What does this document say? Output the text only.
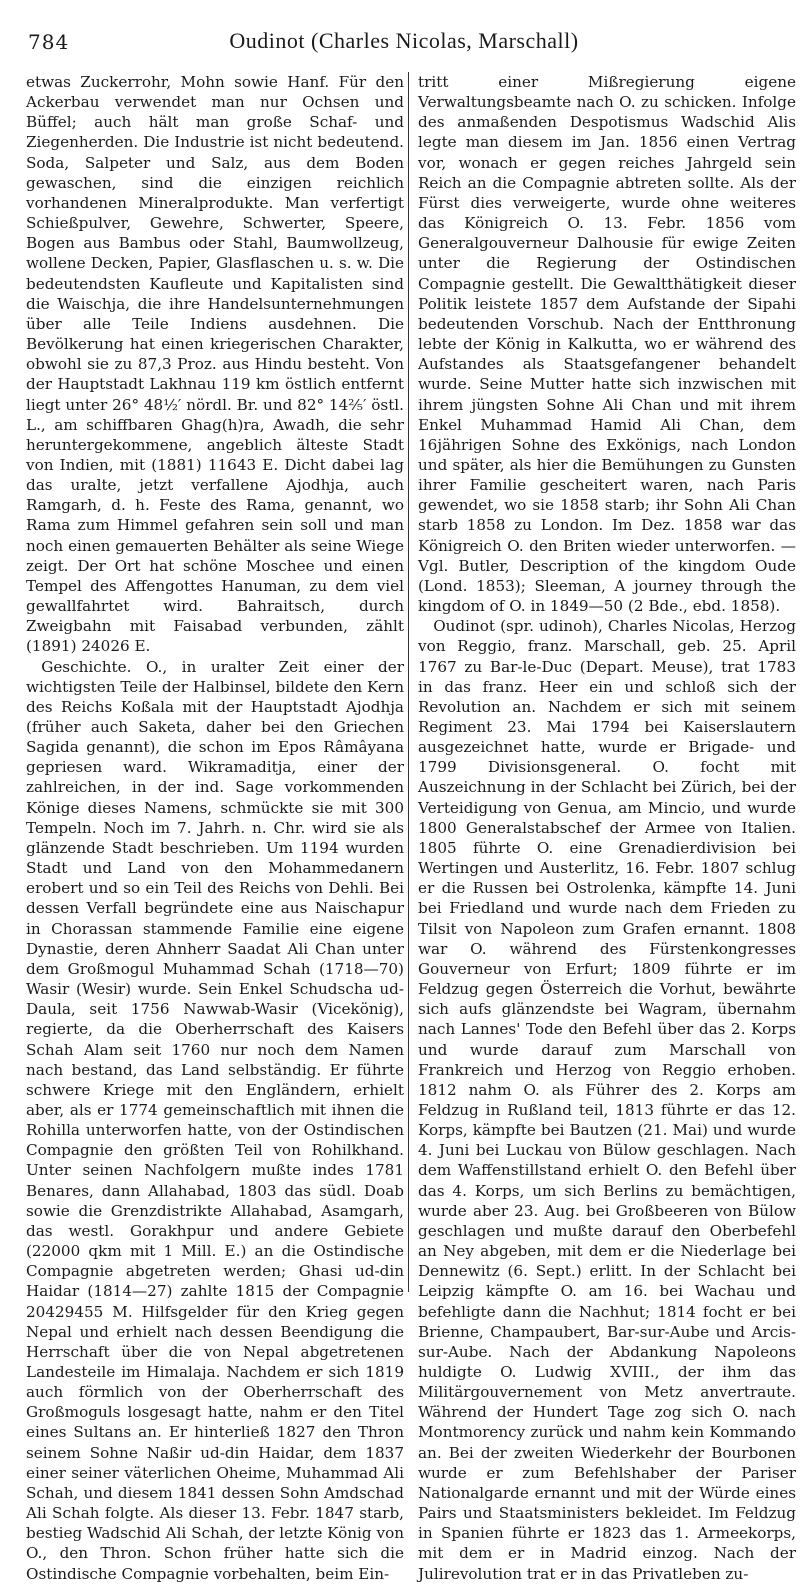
784	Oudinot (Charles Nicolas, Marschall)

etwas Zuckerrohr, Mohn sowie Hanf. Für den Ackerbau verwendet man nur Ochsen und Büffel; auch hält man große Schaf- und Ziegenherden. Die Industrie ist nicht bedeutend. Soda, Salpeter und Salz, aus dem Boden gewaschen, sind die einzigen reichlich vorhandenen Mineralprodukte. Man verfertigt Schießpulver, Gewehre, Schwerter, Speere, Bogen aus Bambus oder Stahl, Baumwollzeug, wollene Decken, Papier, Glasflaschen u. s. w. Die bedeutendsten Kaufleute und Kapitalisten sind die Waischja, die ihre Handelsunternehmungen über alle Teile Indiens ausdehnen. Die Bevölkerung hat einen kriegerischen Charakter, obwohl sie zu 87,3 Proz. aus Hindu besteht. Von der Hauptstadt Lakhnau 119 km östlich entfernt liegt unter 26° 48½′ nördl. Br. und 82° 14⅖′ östl. L., am schiffbaren Ghag(h)ra, Awadh, die sehr heruntergekommene, angeblich älteste Stadt von Indien, mit (1881) 11643 E. Dicht dabei lag das uralte, jetzt verfallene Ajodhja, auch Ramgarh, d. h. Feste des Rama, genannt, wo Rama zum Himmel gefahren sein soll und man noch einen gemauerten Behälter als seine Wiege zeigt. Der Ort hat schöne Moschee und einen Tempel des Affengottes Hanuman, zu dem viel gewallfahrtet wird. Bahraitsch, durch Zweigbahn mit Faisabad verbunden, zählt (1891) 24026 E.

Geschichte. O., in uralter Zeit einer der wichtigsten Teile der Halbinsel, bildete den Kern des Reichs Koßala mit der Hauptstadt Ajodhja (früher auch Saketa, daher bei den Griechen Sagida genannt), die schon im Epos Râmâyana gepriesen ward. Wikramaditja, einer der zahlreichen, in der ind. Sage vorkommenden Könige dieses Namens, schmückte sie mit 300 Tempeln. Noch im 7. Jahrh. n. Chr. wird sie als glänzende Stadt beschrieben. Um 1194 wurden Stadt und Land von den Mohammedanern erobert und so ein Teil des Reichs von Dehli. Bei dessen Verfall begründete eine aus Naischapur in Chorassan stammende Familie eine eigene Dynastie, deren Ahnherr Saadat Ali Chan unter dem Großmogul Muhammad Schah (1718—70) Wasir (Wesir) wurde. Sein Enkel Schudscha ud-Daula, seit 1756 Nawwab-Wasir (Vicekönig), regierte, da die Oberherrschaft des Kaisers Schah Alam seit 1760 nur noch dem Namen nach bestand, das Land selbständig. Er führte schwere Kriege mit den Engländern, erhielt aber, als er 1774 gemeinschaftlich mit ihnen die Rohilla unterworfen hatte, von der Ostindischen Compagnie den größten Teil von Rohilkhand. Unter seinen Nachfolgern mußte indes 1781 Benares, dann Allahabad, 1803 das südl. Doab sowie die Grenzdistrikte Allahabad, Asamgarh, das westl. Gorakhpur und andere Gebiete (22000 qkm mit 1 Mill. E.) an die Ostindische Compagnie abgetreten werden; Ghasi ud-din Haidar (1814—27) zahlte 1815 der Compagnie 20429455 M. Hilfsgelder für den Krieg gegen Nepal und erhielt nach dessen Beendigung die Herrschaft über die von Nepal abgetretenen Landesteile im Himalaja. Nachdem er sich 1819 auch förmlich von der Oberherrschaft des Großmoguls losgesagt hatte, nahm er den Titel eines Sultans an. Er hinterließ 1827 den Thron seinem Sohne Naßir ud-din Haidar, dem 1837 einer seiner väterlichen Oheime, Muhammad Ali Schah, und diesem 1841 dessen Sohn Amdschad Ali Schah folgte. Als dieser 13. Febr. 1847 starb, bestieg Wadschid Ali Schah, der letzte König von O., den Thron. Schon früher hatte sich die Ostindische Compagnie vorbehalten, beim Ein-

tritt einer Mißregierung eigene Verwaltungsbeamte nach O. zu schicken. Infolge des anmaßenden Despotismus Wadschid Alis legte man diesem im Jan. 1856 einen Vertrag vor, wonach er gegen reiches Jahrgeld sein Reich an die Compagnie abtreten sollte. Als der Fürst dies verweigerte, wurde ohne weiteres das Königreich O. 13. Febr. 1856 vom Generalgouverneur Dalhousie für ewige Zeiten unter die Regierung der Ostindischen Compagnie gestellt. Die Gewaltthätigkeit dieser Politik leistete 1857 dem Aufstande der Sipahi bedeutenden Vorschub. Nach der Entthronung lebte der König in Kalkutta, wo er während des Aufstandes als Staatsgefangener behandelt wurde. Seine Mutter hatte sich inzwischen mit ihrem jüngsten Sohne Ali Chan und mit ihrem Enkel Muhammad Hamid Ali Chan, dem 16jährigen Sohne des Exkönigs, nach London und später, als hier die Bemühungen zu Gunsten ihrer Familie gescheitert waren, nach Paris gewendet, wo sie 1858 starb; ihr Sohn Ali Chan starb 1858 zu London. Im Dez. 1858 war das Königreich O. den Briten wieder unterworfen. — Vgl. Butler, Description of the kingdom Oude (Lond. 1853); Sleeman, A journey through the kingdom of O. in 1849—50 (2 Bde., ebd. 1858).

Oudinot (spr. udinoh), Charles Nicolas, Herzog von Reggio, franz. Marschall, geb. 25. April 1767 zu Bar-le-Duc (Depart. Meuse), trat 1783 in das franz. Heer ein und schloß sich der Revolution an. Nachdem er sich mit seinem Regiment 23. Mai 1794 bei Kaiserslautern ausgezeichnet hatte, wurde er Brigade- und 1799 Divisionsgeneral. O. focht mit Auszeichnung in der Schlacht bei Zürich, bei der Verteidigung von Genua, am Mincio, und wurde 1800 Generalstabschef der Armee von Italien. 1805 führte O. eine Grenadierdivision bei Wertingen und Austerlitz, 16. Febr. 1807 schlug er die Russen bei Ostrolenka, kämpfte 14. Juni bei Friedland und wurde nach dem Frieden zu Tilsit von Napoleon zum Grafen ernannt. 1808 war O. während des Fürstenkongresses Gouverneur von Erfurt; 1809 führte er im Feldzug gegen Österreich die Vorhut, bewährte sich aufs glänzendste bei Wagram, übernahm nach Lannes' Tode den Befehl über das 2. Korps und wurde darauf zum Marschall von Frankreich und Herzog von Reggio erhoben. 1812 nahm O. als Führer des 2. Korps am Feldzug in Rußland teil, 1813 führte er das 12. Korps, kämpfte bei Bautzen (21. Mai) und wurde 4. Juni bei Luckau von Bülow geschlagen. Nach dem Waffenstillstand erhielt O. den Befehl über das 4. Korps, um sich Berlins zu bemächtigen, wurde aber 23. Aug. bei Großbeeren von Bülow geschlagen und mußte darauf den Oberbefehl an Ney abgeben, mit dem er die Niederlage bei Dennewitz (6. Sept.) erlitt. In der Schlacht bei Leipzig kämpfte O. am 16. bei Wachau und befehligte dann die Nachhut; 1814 focht er bei Brienne, Champaubert, Bar-sur-Aube und Arcis-sur-Aube. Nach der Abdankung Napoleons huldigte O. Ludwig XVIII., der ihm das Militärgouvernement von Metz anvertraute. Während der Hundert Tage zog sich O. nach Montmorency zurück und nahm kein Kommando an. Bei der zweiten Wiederkehr der Bourbonen wurde er zum Befehlshaber der Pariser Nationalgarde ernannt und mit der Würde eines Pairs und Staatsministers bekleidet. Im Feldzug in Spanien führte er 1823 das 1. Armeekorps, mit dem er in Madrid einzog. Nach der Julirevolution trat er in das Privatleben zu-
